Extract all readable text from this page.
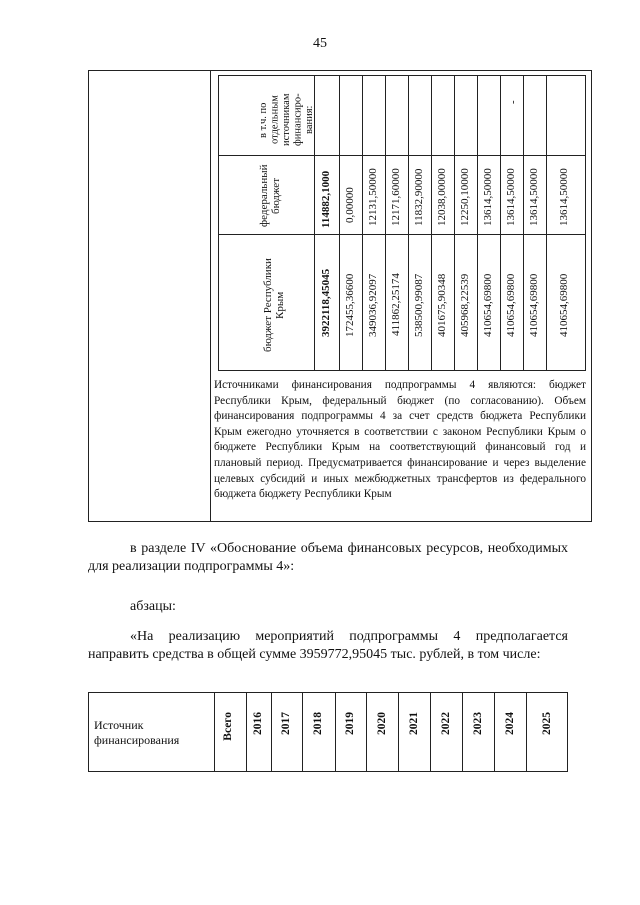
45
в т.ч. по отдельным источникам финансиро-вания:
федеральный бюджет
бюджет Республики Крым	3922118,45045
114882,1000
172455,36600
0,00000
349036,92097
12131,50000
411862,25174
12171,60000
538500,99087
11832,90000
401675,90348
12038,00000
405968,22539
12250,10000
410654,69800
13614,50000
410654,69800
13614,50000
-
410654,69800
13614,50000
410654,69800
13614,50000
Источниками финансирования подпрограммы 4 являются: бюджет Республики Крым, федеральный бюджет (по согласованию). Объем финансирования подпрограммы 4 за счет средств бюджета Республики Крым ежегодно уточняется в соответствии с законом Республики Крым о бюджете Республики Крым на соответствующий финансовый год и плановый период. Предусматривается финансирование и через выделение целевых субсидий и иных межбюджетных трансфертов из федерального бюджета бюджету Республики Крым
в разделе IV «Обоснование объема финансовых ресурсов, необходимых для реализации подпрограммы 4»:
абзацы:
«На реализацию мероприятий подпрограммы 4 предполагается направить средства в общей сумме 3959772,95045 тыс. рублей, в том числе:
Источник финансирования	Всего 2016 2017 2018 2019 2020 2021 2022 2023 2024 2025
